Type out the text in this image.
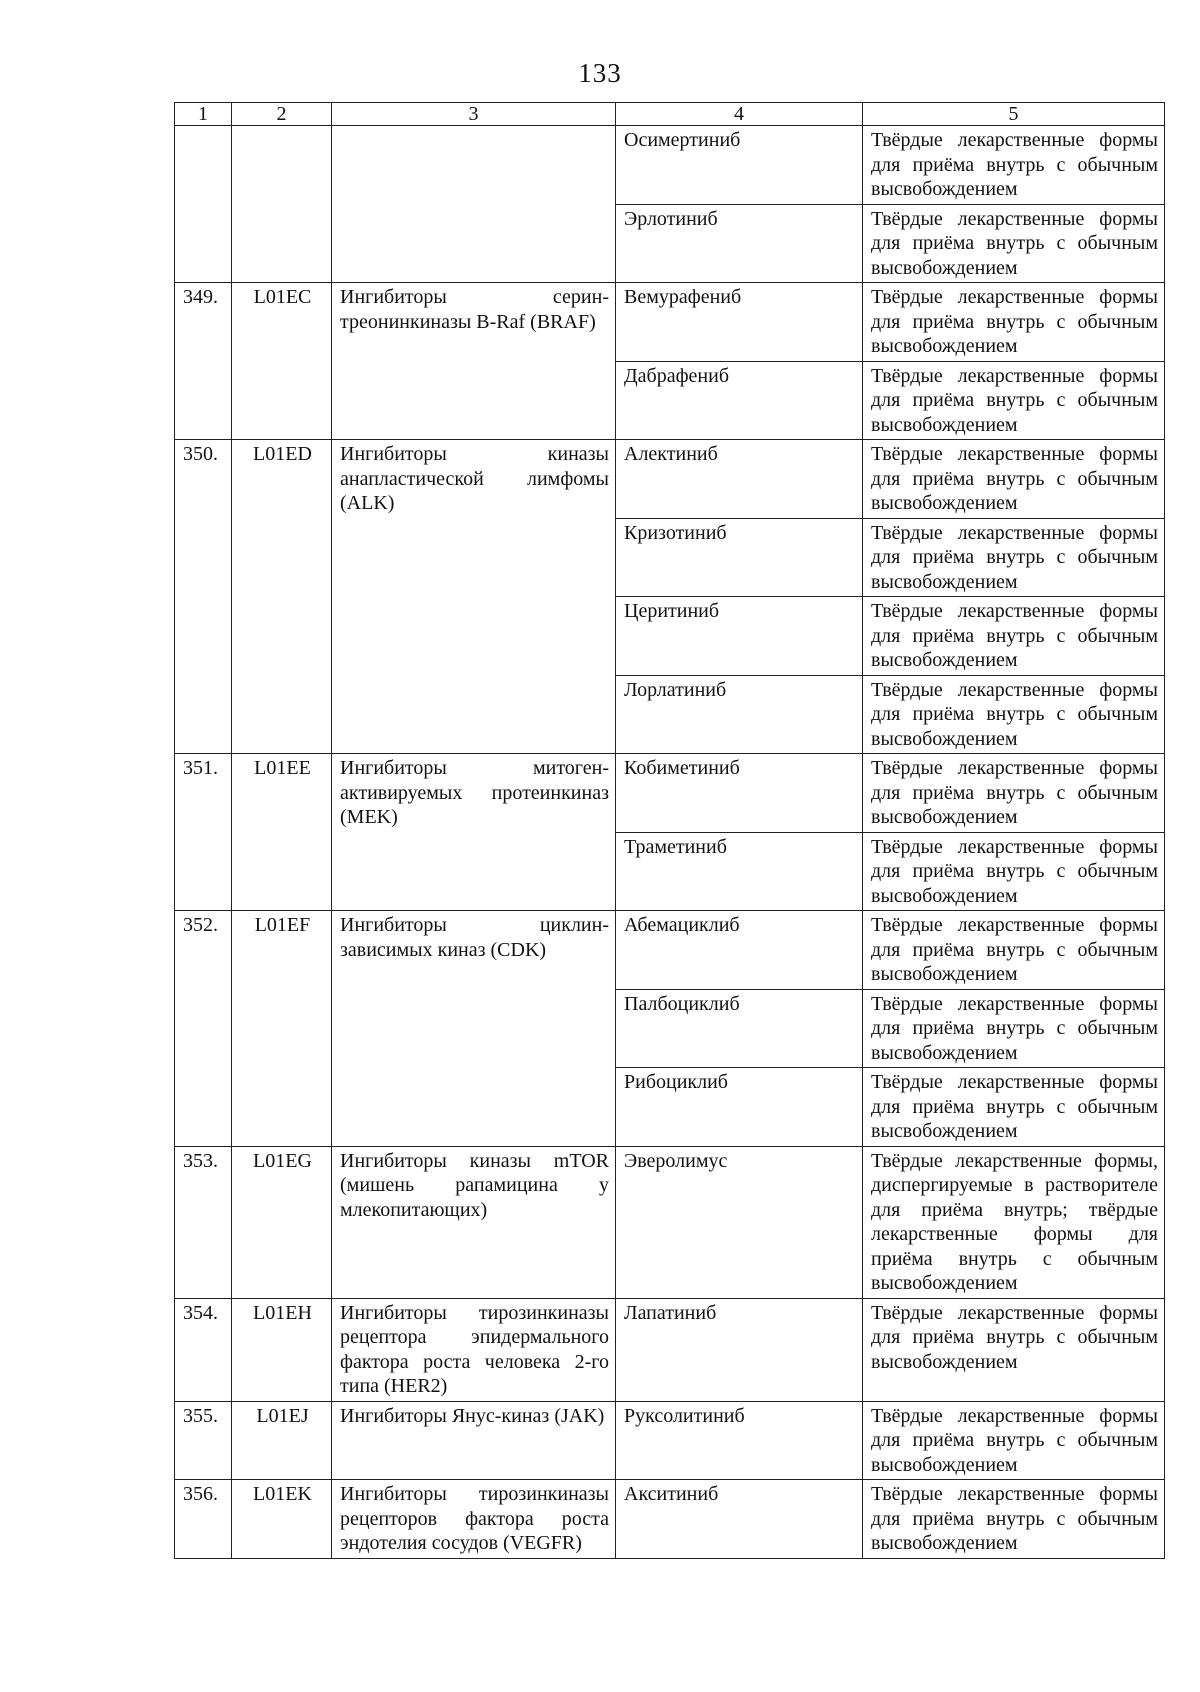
133
1	2	3	4	5
			Осимертиниб	Твёрдые лекарственные формы для приёма внутрь с обычным высвобождением
			Эрлотиниб	Твёрдые лекарственные формы для приёма внутрь с обычным высвобождением
349.	L01EC	Ингибиторы серин-треонинкиназы B-Raf (BRAF)	Вемурафениб	Твёрдые лекарственные формы для приёма внутрь с обычным высвобождением
			Дабрафениб	Твёрдые лекарственные формы для приёма внутрь с обычным высвобождением
350.	L01ED	Ингибиторы киназы анапластической лимфомы (ALK)	Алектиниб	Твёрдые лекарственные формы для приёма внутрь с обычным высвобождением
			Кризотиниб	Твёрдые лекарственные формы для приёма внутрь с обычным высвобождением
			Церитиниб	Твёрдые лекарственные формы для приёма внутрь с обычным высвобождением
			Лорлатиниб	Твёрдые лекарственные формы для приёма внутрь с обычным высвобождением
351.	L01EE	Ингибиторы митоген-активируемых протеинкиназ (MEK)	Кобиметиниб	Твёрдые лекарственные формы для приёма внутрь с обычным высвобождением
			Траметиниб	Твёрдые лекарственные формы для приёма внутрь с обычным высвобождением
352.	L01EF	Ингибиторы циклин-зависимых киназ (CDK)	Абемациклиб	Твёрдые лекарственные формы для приёма внутрь с обычным высвобождением
			Палбоциклиб	Твёрдые лекарственные формы для приёма внутрь с обычным высвобождением
			Рибоциклиб	Твёрдые лекарственные формы для приёма внутрь с обычным высвобождением
353.	L01EG	Ингибиторы киназы mTOR (мишень рапамицина у млекопитающих)	Эверолимус	Твёрдые лекарственные формы, диспергируемые в растворителе для приёма внутрь; твёрдые лекарственные формы для приёма внутрь с обычным высвобождением
354.	L01EH	Ингибиторы тирозинкиназы рецептора эпидермального фактора роста человека 2-го типа (HER2)	Лапатиниб	Твёрдые лекарственные формы для приёма внутрь с обычным высвобождением
355.	L01EJ	Ингибиторы Янус-киназ (JAK)	Руксолитиниб	Твёрдые лекарственные формы для приёма внутрь с обычным высвобождением
356.	L01EK	Ингибиторы тирозинкиназы рецепторов фактора роста эндотелия сосудов (VEGFR)	Акситиниб	Твёрдые лекарственные формы для приёма внутрь с обычным высвобождением
